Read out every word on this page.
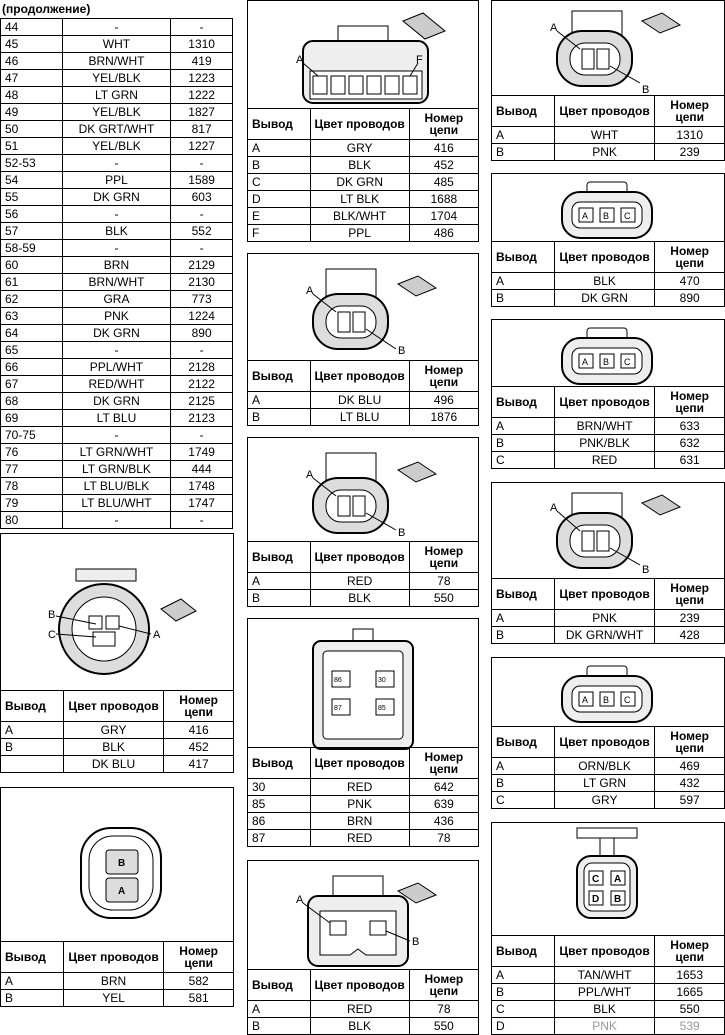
(продолжение)
44	-	-
45	WHT	1310
46	BRN/WHT	419
47	YEL/BLK	1223
48	LT GRN	1222
49	YEL/BLK	1827
50	DK GRT/WHT	817
51	YEL/BLK	1227
52-53	-	-
54	PPL	1589
55	DK GRN	603
56	-	-
57	BLK	552
58-59	-	-
60	BRN	2129
61	BRN/WHT	2130
62	GRA	773
63	PNK	1224
64	DK GRN	890
65	-	-
66	PPL/WHT	2128
67	RED/WHT	2122
68	DK GRN	2125
69	LT BLU	2123
70-75	-	-
76	LT GRN/WHT	1749
77	LT GRN/BLK	444
78	LT BLU/BLK	1748
79	LT BLU/WHT	1747
80	-	-
B
C	A
Вывод	Цвет проводов	Номер цепи
A	GRY	416
B	BLK	452
	DK BLU	417
B
A
Вывод	Цвет проводов	Номер цепи
A	BRN	582
B	YEL	581
A	F
Вывод	Цвет проводов	Номер цепи
A	GRY	416
B	BLK	452
C	DK GRN	485
D	LT BLK	1688
E	BLK/WHT	1704
F	PPL	486
A
B
Вывод	Цвет проводов	Номер цепи
A	DK BLU	496
B	LT BLU	1876
A
B
Вывод	Цвет проводов	Номер цепи
A	RED	78
B	BLK	550
86	30
87	85
Вывод	Цвет проводов	Номер цепи
30	RED	642
85	PNK	639
86	BRN	436
87	RED	78
A
B
Вывод	Цвет проводов	Номер цепи
A	RED	78
B	BLK	550
A
B
Вывод	Цвет проводов	Номер цепи
A	WHT	1310
B	PNK	239
A B C
Вывод	Цвет проводов	Номер цепи
A	BLK	470
B	DK GRN	890
A B C
Вывод	Цвет проводов	Номер цепи
A	BRN/WHT	633
B	PNK/BLK	632
C	RED	631
A
B
Вывод	Цвет проводов	Номер цепи
A	PNK	239
B	DK GRN/WHT	428
A B C
Вывод	Цвет проводов	Номер цепи
A	ORN/BLK	469
B	LT GRN	432
C	GRY	597
C A
D B
Вывод	Цвет проводов	Номер цепи
A	TAN/WHT	1653
B	PPL/WHT	1665
C	BLK	550
D	PNK	539
